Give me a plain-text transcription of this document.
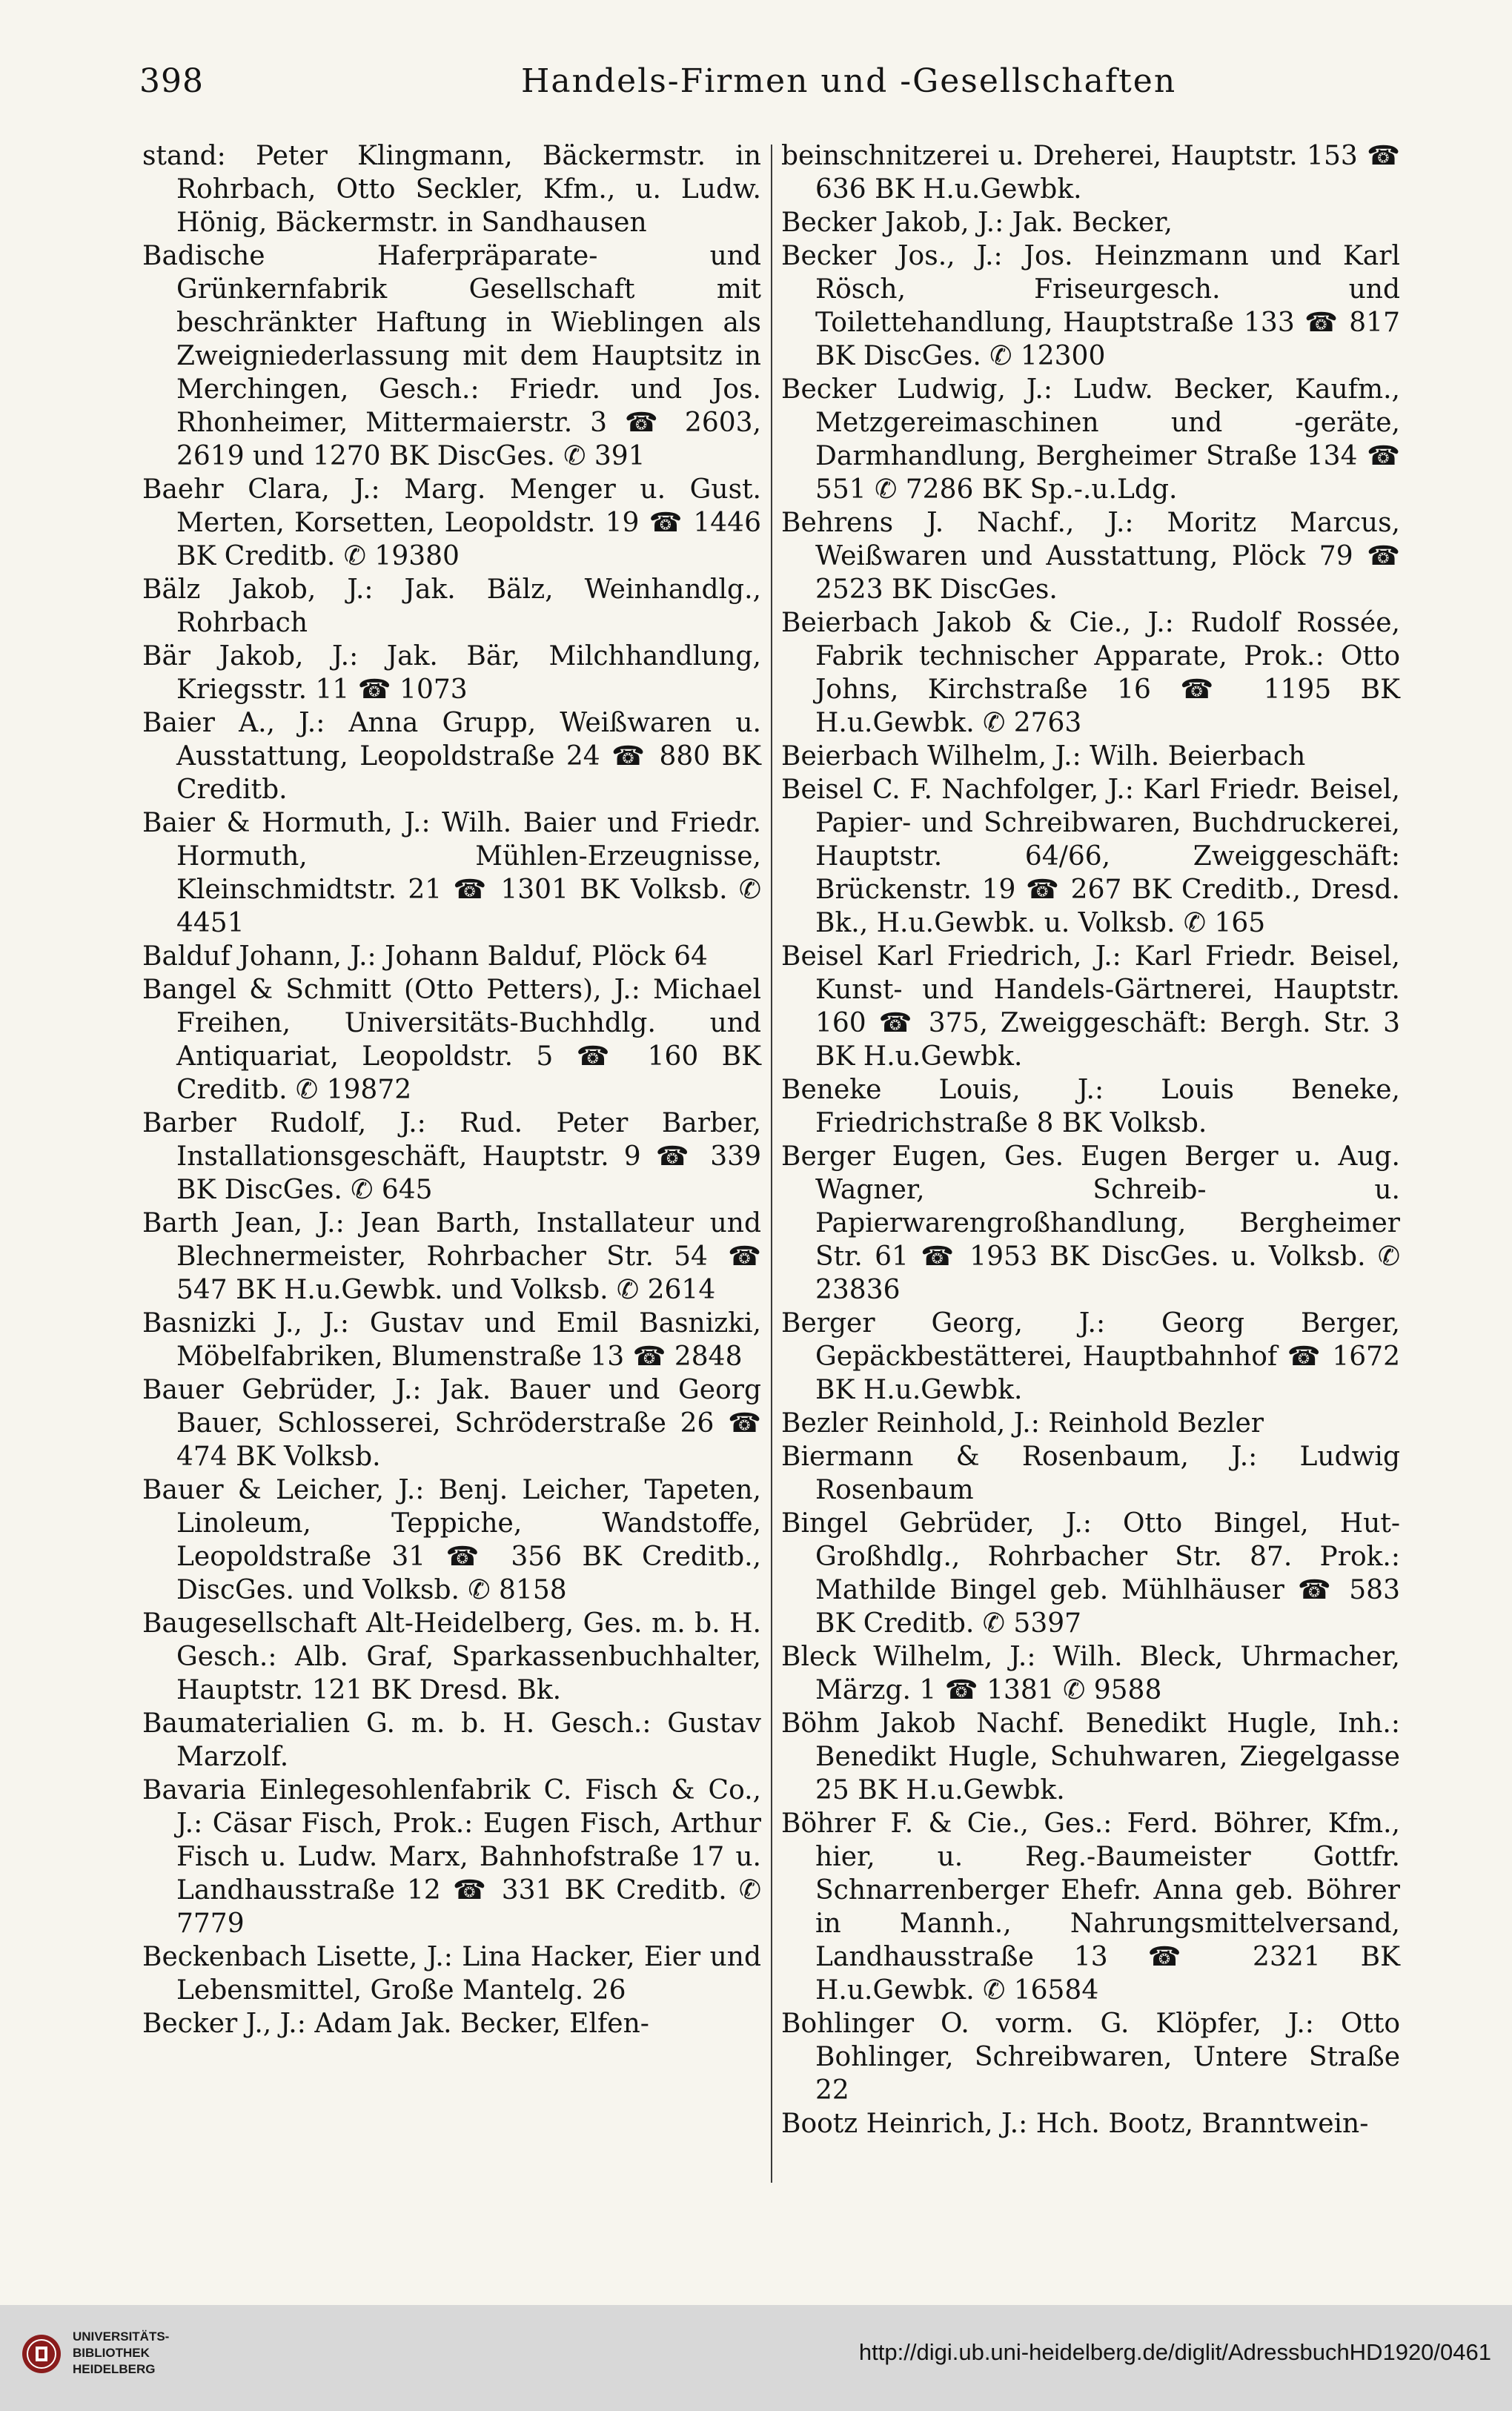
398	Handels-Firmen und -Gesellschaften
stand: Peter Klingmann, Bäckermstr. in Rohrbach, Otto Seckler, Kfm., u. Ludw. Hönig, Bäckermstr. in Sandhausen
Badische Haferpräparate- und Grünkernfabrik Gesellschaft mit beschränkter Haftung in Wieblingen als Zweigniederlassung mit dem Hauptsitz in Merchingen, Gesch.: Friedr. und Jos. Rhonheimer, Mittermaierstr. 3 ☎ 2603, 2619 und 1270 BK DiscGes. ✆ 391
Baehr Clara, J.: Marg. Menger u. Gust. Merten, Korsetten, Leopoldstr. 19 ☎ 1446 BK Creditb. ✆ 19380
Bälz Jakob, J.: Jak. Bälz, Weinhandlg., Rohrbach
Bär Jakob, J.: Jak. Bär, Milchhandlung, Kriegsstr. 11 ☎ 1073
Baier A., J.: Anna Grupp, Weißwaren u. Ausstattung, Leopoldstraße 24 ☎ 880 BK Creditb.
Baier & Hormuth, J.: Wilh. Baier und Friedr. Hormuth, Mühlen-Erzeugnisse, Kleinschmidtstr. 21 ☎ 1301 BK Volksb. ✆ 4451
Balduf Johann, J.: Johann Balduf, Plöck 64
Bangel & Schmitt (Otto Petters), J.: Michael Freihen, Universitäts-Buchhdlg. und Antiquariat, Leopoldstr. 5 ☎ 160 BK Creditb. ✆ 19872
Barber Rudolf, J.: Rud. Peter Barber, Installationsgeschäft, Hauptstr. 9 ☎ 339 BK DiscGes. ✆ 645
Barth Jean, J.: Jean Barth, Installateur und Blechnermeister, Rohrbacher Str. 54 ☎ 547 BK H.u.Gewbk. und Volksb. ✆ 2614
Basnizki J., J.: Gustav und Emil Basnizki, Möbelfabriken, Blumenstraße 13 ☎ 2848
Bauer Gebrüder, J.: Jak. Bauer und Georg Bauer, Schlosserei, Schröderstraße 26 ☎ 474 BK Volksb.
Bauer & Leicher, J.: Benj. Leicher, Tapeten, Linoleum, Teppiche, Wandstoffe, Leopoldstraße 31 ☎ 356 BK Creditb., DiscGes. und Volksb. ✆ 8158
Baugesellschaft Alt-Heidelberg, Ges. m. b. H. Gesch.: Alb. Graf, Sparkassenbuchhalter, Hauptstr. 121 BK Dresd. Bk.
Baumaterialien G. m. b. H. Gesch.: Gustav Marzolf.
Bavaria Einlegesohlenfabrik C. Fisch & Co., J.: Cäsar Fisch, Prok.: Eugen Fisch, Arthur Fisch u. Ludw. Marx, Bahnhofstraße 17 u. Landhausstraße 12 ☎ 331 BK Creditb. ✆ 7779
Beckenbach Lisette, J.: Lina Hacker, Eier und Lebensmittel, Große Mantelg. 26
Becker J., J.: Adam Jak. Becker, Elfen-
beinschnitzerei u. Dreherei, Hauptstr. 153 ☎ 636 BK H.u.Gewbk.
Becker Jakob, J.: Jak. Becker,
Becker Jos., J.: Jos. Heinzmann und Karl Rösch, Friseurgesch. und Toilettehandlung, Hauptstraße 133 ☎ 817 BK DiscGes. ✆ 12300
Becker Ludwig, J.: Ludw. Becker, Kaufm., Metzgereimaschinen und -geräte, Darmhandlung, Bergheimer Straße 134 ☎ 551 ✆ 7286 BK Sp.-.u.Ldg.
Behrens J. Nachf., J.: Moritz Marcus, Weißwaren und Ausstattung, Plöck 79 ☎ 2523 BK DiscGes.
Beierbach Jakob & Cie., J.: Rudolf Rossée, Fabrik technischer Apparate, Prok.: Otto Johns, Kirchstraße 16 ☎ 1195 BK H.u.Gewbk. ✆ 2763
Beierbach Wilhelm, J.: Wilh. Beierbach
Beisel C. F. Nachfolger, J.: Karl Friedr. Beisel, Papier- und Schreibwaren, Buchdruckerei, Hauptstr. 64/66, Zweiggeschäft: Brückenstr. 19 ☎ 267 BK Creditb., Dresd. Bk., H.u.Gewbk. u. Volksb. ✆ 165
Beisel Karl Friedrich, J.: Karl Friedr. Beisel, Kunst- und Handels-Gärtnerei, Hauptstr. 160 ☎ 375, Zweiggeschäft: Bergh. Str. 3 BK H.u.Gewbk.
Beneke Louis, J.: Louis Beneke, Friedrichstraße 8 BK Volksb.
Berger Eugen, Ges. Eugen Berger u. Aug. Wagner, Schreib- u. Papierwarengroßhandlung, Bergheimer Str. 61 ☎ 1953 BK DiscGes. u. Volksb. ✆ 23836
Berger Georg, J.: Georg Berger, Gepäckbestätterei, Hauptbahnhof ☎ 1672 BK H.u.Gewbk.
Bezler Reinhold, J.: Reinhold Bezler
Biermann & Rosenbaum, J.: Ludwig Rosenbaum
Bingel Gebrüder, J.: Otto Bingel, Hut-Großhdlg., Rohrbacher Str. 87. Prok.: Mathilde Bingel geb. Mühlhäuser ☎ 583 BK Creditb. ✆ 5397
Bleck Wilhelm, J.: Wilh. Bleck, Uhrmacher, Märzg. 1 ☎ 1381 ✆ 9588
Böhm Jakob Nachf. Benedikt Hugle, Inh.: Benedikt Hugle, Schuhwaren, Ziegelgasse 25 BK H.u.Gewbk.
Böhrer F. & Cie., Ges.: Ferd. Böhrer, Kfm., hier, u. Reg.-Baumeister Gottfr. Schnarrenberger Ehefr. Anna geb. Böhrer in Mannh., Nahrungsmittelversand, Landhausstraße 13 ☎ 2321 BK H.u.Gewbk. ✆ 16584
Bohlinger O. vorm. G. Klöpfer, J.: Otto Bohlinger, Schreibwaren, Untere Straße 22
Bootz Heinrich, J.: Hch. Bootz, Branntwein-
UNIVERSITÄTS-
BIBLIOTHEK
HEIDELBERG
http://digi.ub.uni-heidelberg.de/diglit/AdressbuchHD1920/0461
